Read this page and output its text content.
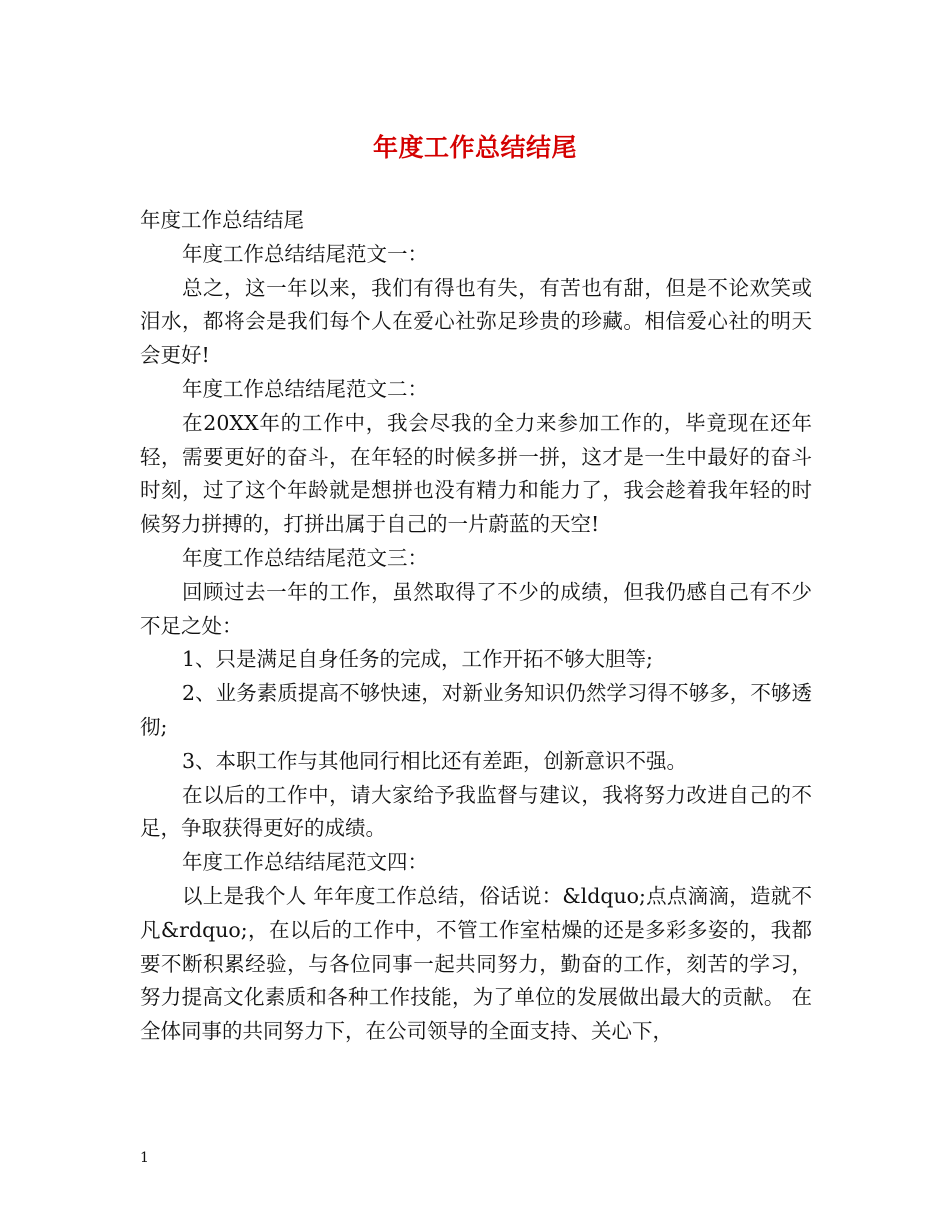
年度工作总结结尾

年度工作总结结尾

年度工作总结结尾范文一：

总之，这一年以来，我们有得也有失，有苦也有甜，但是不论欢笑或泪水，都将会是我们每个人在爱心社弥足珍贵的珍藏。相信爱心社的明天会更好!

年度工作总结结尾范文二：

在20XX年的工作中，我会尽我的全力来参加工作的，毕竟现在还年轻，需要更好的奋斗，在年轻的时候多拼一拼，这才是一生中最好的奋斗时刻，过了这个年龄就是想拼也没有精力和能力了，我会趁着我年轻的时候努力拼搏的，打拼出属于自己的一片蔚蓝的天空!

年度工作总结结尾范文三：

回顾过去一年的工作，虽然取得了不少的成绩，但我仍感自己有不少不足之处：

1、只是满足自身任务的完成，工作开拓不够大胆等;

2、业务素质提高不够快速，对新业务知识仍然学习得不够多，不够透彻;

3、本职工作与其他同行相比还有差距，创新意识不强。

在以后的工作中，请大家给予我监督与建议，我将努力改进自己的不足，争取获得更好的成绩。

年度工作总结结尾范文四：

以上是我个人 年年度工作总结，俗话说：&ldquo;点点滴滴，造就不凡&rdquo;，在以后的工作中，不管工作室枯燥的还是多彩多姿的，我都要不断积累经验，与各位同事一起共同努力，勤奋的工作，刻苦的学习，努力提高文化素质和各种工作技能，为了单位的发展做出最大的贡献。 在全体同事的共同努力下，在公司领导的全面支持、关心下，

1
